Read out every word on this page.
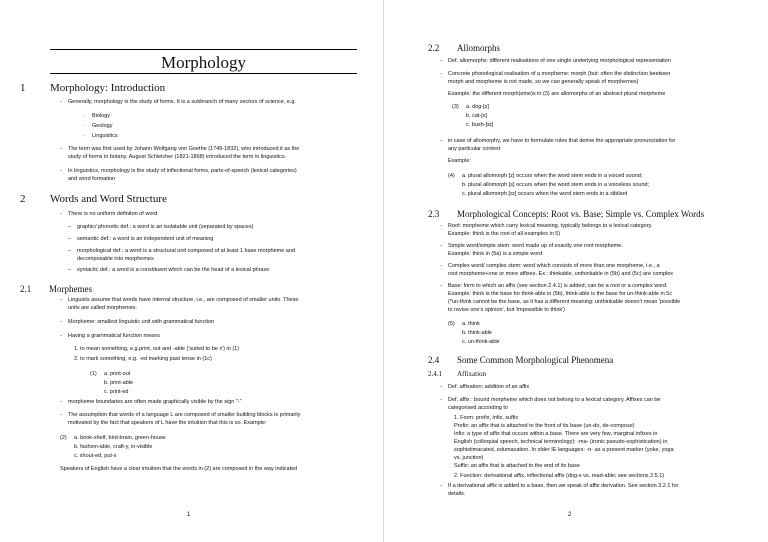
Morphology
1 Morphology: Introduction
- Generally, morphology is the study of forms. It is a subbranch of many sectors of science, e.g.
· Biology
· Geology
· Linguistics
- The term was first used by Johann Wolfgang von Goethe (1749-1832), who introduced it as the
study of forms in botany. August Schleicher (1821-1868) introduced the term in linguistics.
- In linguistics, morphology is the study of inflectional forms, parts-of-speech (lexical categories)
and word formation
2 Words and Word Structure
- There is no uniform definiton of word
– graphic/ phonetic def.: a word is an isolatable unit (separated by spaces)
– semantic def.: a word is an independent unit of meaning
– morphological def.: a word is a structural unit composed of at least 1 base morpheme and
decomposable into morphemes
– syntactic def.: a word is a constituent which can be the head of a lexical phrase
2.1 Morphemes
- Linguists assume that words have internal structure, i.e., are composed of smaller units. These
units are called morphemes.
- Morpheme: smallest linguistic unit with grammatical function
- Having a grammatical function means
1. to mean something, e.g.print, out and -able ('suited to be x') in (1)
2. to mark something, e.g. -ed marking past tense in (1c)
(1) a. print-out
b. print-able
c. print-ed
- morpheme boundaries are often made graphically visible by the sign "-"
- The assumption that words of a language L are composed of smaller building blocks is primarily
motivated by the fact that speakers of L have the intuition that this is so. Example:
(2) a. book-shelf, bird-brain, green-house
b. fashion-able, craft-y, in-visible
c. shout-ed, put-s
Speakers of English have a clear intuition that the words in (2) are composed in the way indicated
1
2.2 Allomorphs
- Def. allomorphs: different realisations of one single underlying morphological representation
- Concrete phonological realisation of a morpheme: morph (but: often the distinction beetwen
morph and morpheme is not made, so we can generally speak of morphemes)
Example: the different morph(eme)s in (3) are allomorphs of an abstract plural morpheme
(3) a. dog-[z]
b. cat-[s]
c. bush-[ɪz]
- in case of allomorphy, we have to formulate rules that derive the appropriate pronunciation for
any particular context
Example:
(4) a. plural allomorph [z] occurs when the word stem ends in a voiced sound;
b. plural allomorph [s] occurs when the word stem ends in a voiceless sound;
c. plural allomorph [ɪz] occurs when the word stem ends in a sibilant
2.3 Morphological Concepts: Root vs. Base; Simple vs. Complex Words
- Root: morpheme which carry lexical meaning, typically belongs to a lexical category.
Example: think is the root of all examples in 5)
- Simple word/simple stem: word made up of exactly one root morpheme.
Example: think in (5a) is a simple word
- Complex word/ complex stem: word which consists of more than one morpheme, i.e., a
root morpheme+one or more affixes. Ex.: thinkable, unthinkable in (5b) and (5c) are complex
- Base: form to which an affix (see section 2.4.1) is added; can be a root or a complex word.
Example: think is the base for think-able in (5b), think-able is the base for un-think-able in 5c
(*un-think cannot be the base, as it has a different meaning: unthinkable doesn't mean 'possible
to revise one's opinion', but 'impossible to think')
(5) a. think
b. think-able
c. un-think-able
2.4 Some Common Morphological Phenomena
2.4.1 Affixation
- Def. affixation: addition of an affix
- Def. affix : bound morpheme which does not belong to a lexical category. Affixes can be
categorised according to
1. Form: prefix, infix, suffix
Prefix: an affix that is attached to the front of its base (un-do, de-compose)
Infix: a type of affix that occurs within a base. There are very few, marginal infixes in
English (colloquial speech, technical terminology): -ma- (ironic pseudo-sophistication) in
sophistimacated, edumacation. In older IE languages: -n- as a present marker (yoke, yoga
vs. junction)
Suffix: an affix that is attached to the end of its base
2. Function: derivational affix, inflectional affix (dog-s vs. read-able; see sections 2.5.1)
- If a derivational affix is added to a base, then we speak of affix derivation. See section 3.2.1 for
details.
2
